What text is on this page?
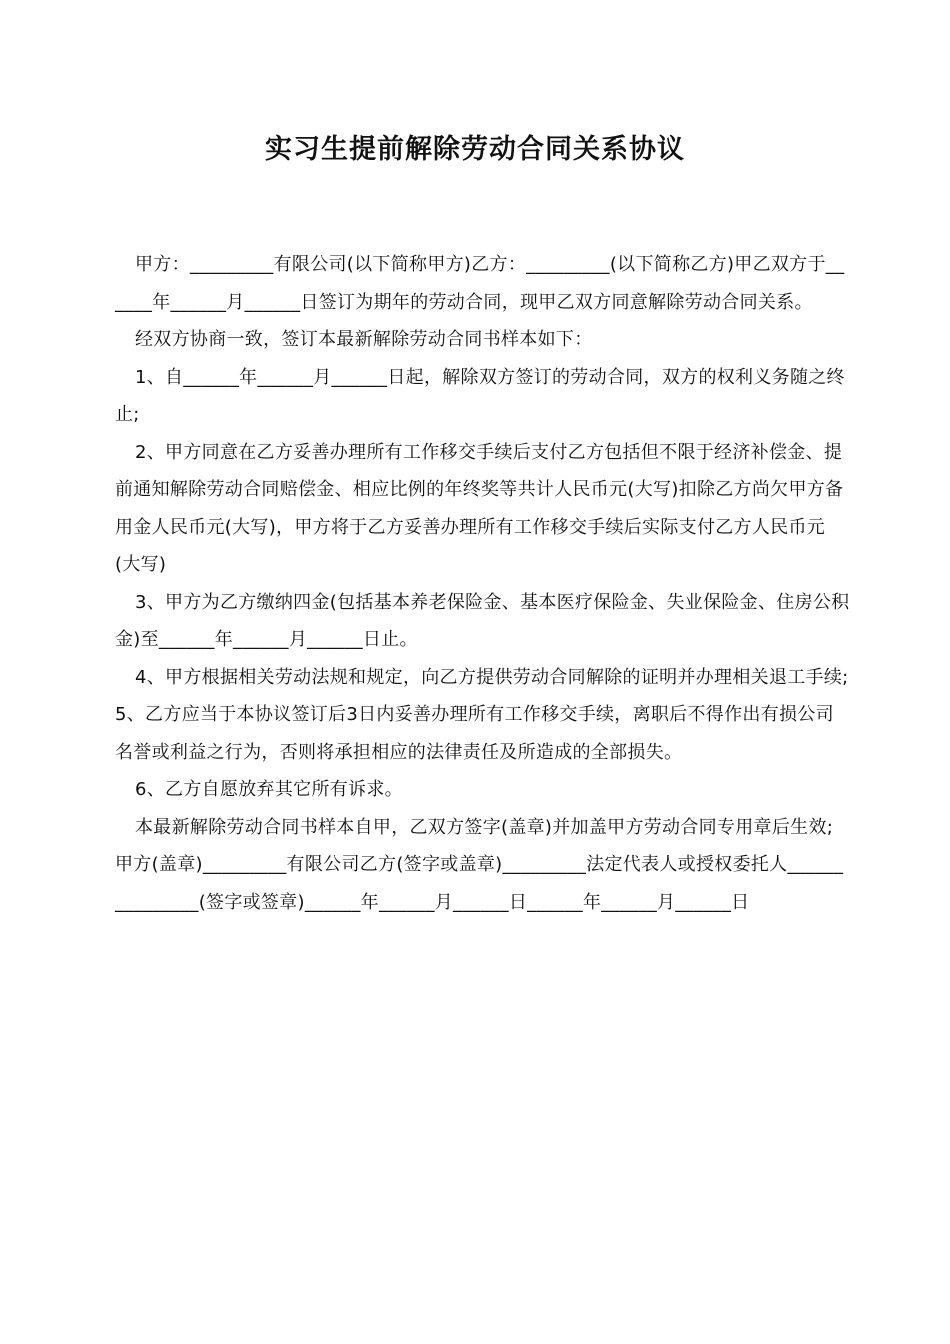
实习生提前解除劳动合同关系协议

甲方：_________有限公司(以下简称甲方)乙方：_________(以下简称乙方)甲乙双方于______年______月______日签订为期年的劳动合同，现甲乙双方同意解除劳动合同关系。

经双方协商一致，签订本最新解除劳动合同书样本如下：

1、自______年______月______日起，解除双方签订的劳动合同，双方的权利义务随之终止;

2、甲方同意在乙方妥善办理所有工作移交手续后支付乙方包括但不限于经济补偿金、提前通知解除劳动合同赔偿金、相应比例的年终奖等共计人民币元(大写)扣除乙方尚欠甲方备用金人民币元(大写)，甲方将于乙方妥善办理所有工作移交手续后实际支付乙方人民币元(大写)

3、甲方为乙方缴纳四金(包括基本养老保险金、基本医疗保险金、失业保险金、住房公积金)至______年______月______日止。

4、甲方根据相关劳动法规和规定，向乙方提供劳动合同解除的证明并办理相关退工手续;5、乙方应当于本协议签订后3日内妥善办理所有工作移交手续，离职后不得作出有损公司名誉或利益之行为，否则将承担相应的法律责任及所造成的全部损失。

6、乙方自愿放弃其它所有诉求。

本最新解除劳动合同书样本自甲，乙双方签字(盖章)并加盖甲方劳动合同专用章后生效;甲方(盖章)_________有限公司乙方(签字或盖章)_________法定代表人或授权委托人_______________(签字或签章)______年______月______日______年______月______日
